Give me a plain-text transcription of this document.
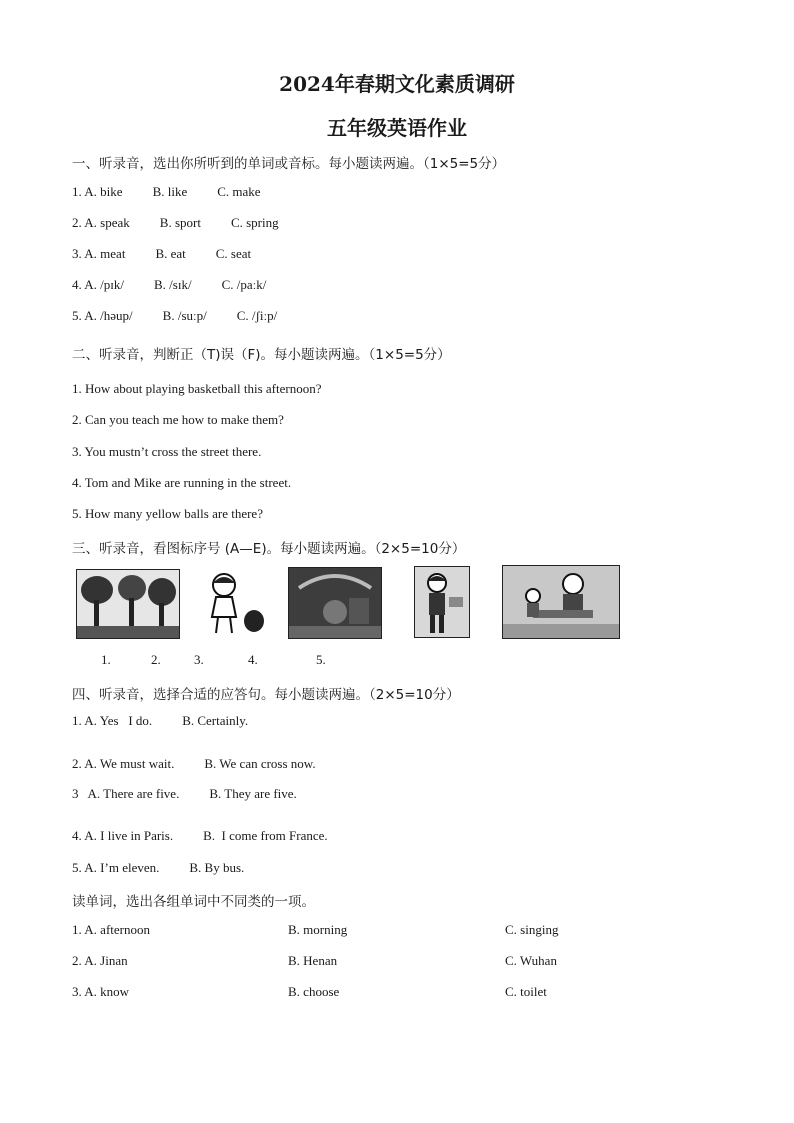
2024年春期文化素质调研
五年级英语作业
一、听录音，选出你所听到的单词或音标。每小题读两遍。（1×5=5分）
1. A. bike B. like C. make
2. A. speak B. sport C. spring
3. A. meat B. eat C. seat
4. A. /pɪk/ B. /sɪk/ C. /paːk/
5. A. /həup/ B. /suːp/ C. /ʃiːp/
二、听录音，判断正（T)误（F)。每小题读两遍。（1×5=5分）
1. How about playing basketball this afternoon?
2. Can you teach me how to make them?
3. You mustn’t cross the street there.
4. Tom and Mike are running in the street.
5. How many yellow balls are there?
三、听录音，看图标序号 (A—E)。每小题读两遍。（2×5=10分）
1.	2.	3.	4.	5.
四、听录音，选择合适的应答句。每小题读两遍。（2×5=10分）
1. A. Yes   I do. B. Certainly.
2. A. We must wait. B. We can cross now.
3   A. There are five. B. They are five.
4. A. I live in Paris. B.  I come from France.
5. A. I’m eleven. B. By bus.
读单词，选出各组单词中不同类的一项。
1. A. afternoon	B. morning	C. singing
2. A. Jinan	B. Henan	C. Wuhan
3. A. know	B. choose	C. toilet
